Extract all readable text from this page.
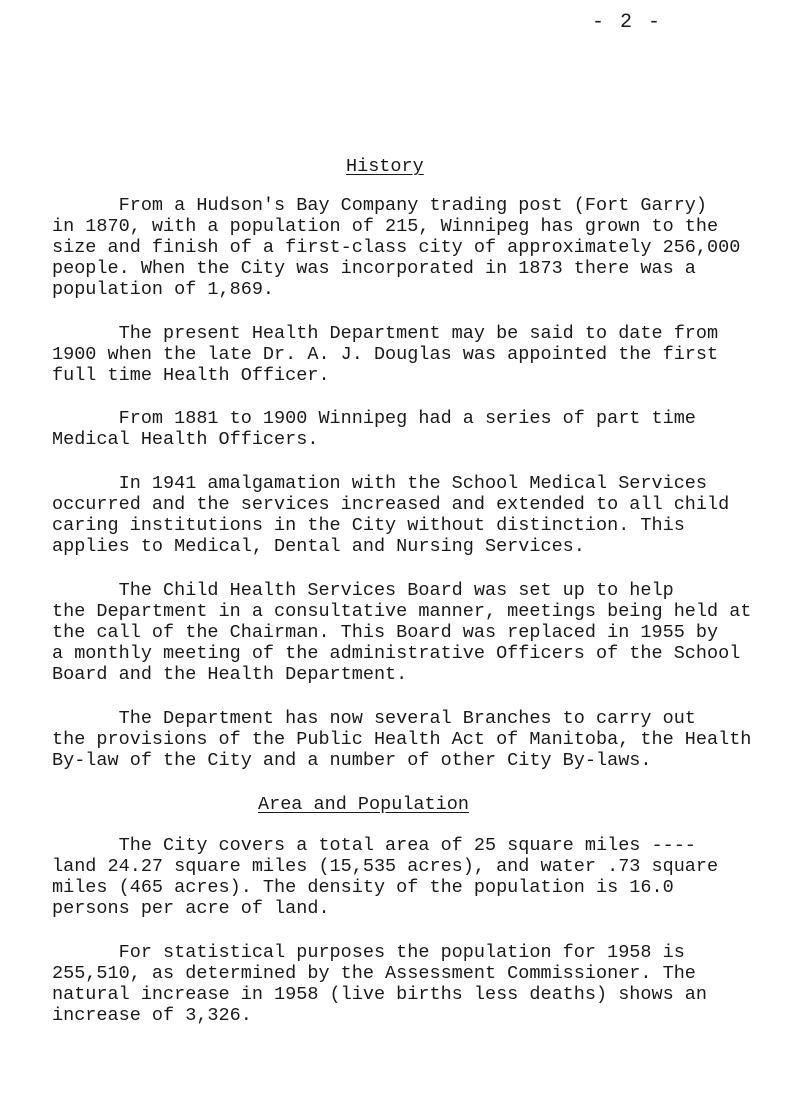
- 2 -
History
From a Hudson's Bay Company trading post (Fort Garry)
in 1870, with a population of 215, Winnipeg has grown to the
size and finish of a first-class city of approximately 256,000
people. When the City was incorporated in 1873 there was a
population of 1,869.
The present Health Department may be said to date from
1900 when the late Dr. A. J. Douglas was appointed the first
full time Health Officer.
From 1881 to 1900 Winnipeg had a series of part time
Medical Health Officers.
In 1941 amalgamation with the School Medical Services
occurred and the services increased and extended to all child
caring institutions in the City without distinction. This
applies to Medical, Dental and Nursing Services.
The Child Health Services Board was set up to help
the Department in a consultative manner, meetings being held at
the call of the Chairman. This Board was replaced in 1955 by
a monthly meeting of the administrative Officers of the School
Board and the Health Department.
The Department has now several Branches to carry out
the provisions of the Public Health Act of Manitoba, the Health
By-law of the City and a number of other City By-laws.
Area and Population
The City covers a total area of 25 square miles ----
land 24.27 square miles (15,535 acres), and water .73 square
miles (465 acres). The density of the population is 16.0
persons per acre of land.
For statistical purposes the population for 1958 is
255,510, as determined by the Assessment Commissioner. The
natural increase in 1958 (live births less deaths) shows an
increase of 3,326.
